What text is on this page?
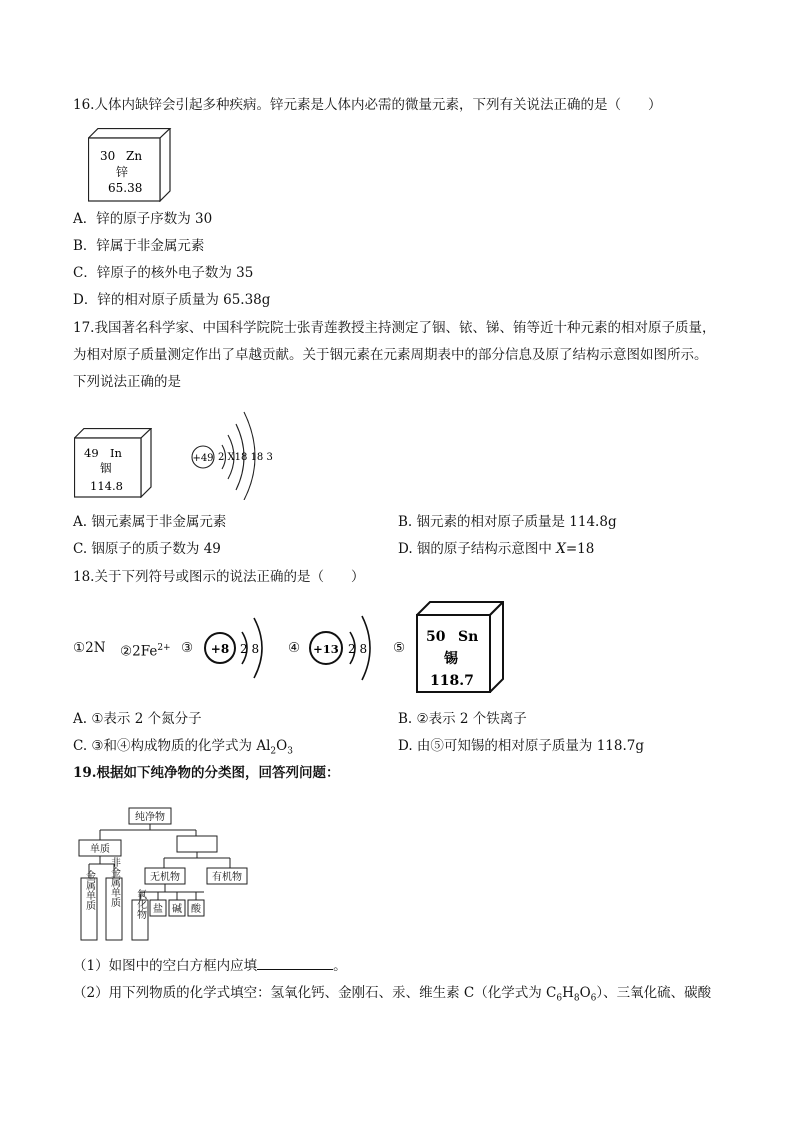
16.人体内缺锌会引起多种疾病。锌元素是人体内必需的微量元素，下列有关说法正确的是（　　）
30 Zn
锌
65.38
A．锌的原子序数为 30
B．锌属于非金属元素
C．锌原子的核外电子数为 35
D．锌的相对原子质量为 65.38g
17.我国著名科学家、中国科学院院士张青莲教授主持测定了铟、铱、锑、铕等近十种元素的相对原子质量，
为相对原子质量测定作出了卓越贡献。关于铟元素在元素周期表中的部分信息及原了结构示意图如图所示。
下列说法正确的是
49 In
铟
114.8
+49 2 X18 18 3
A. 铟元素属于非金属元素	B. 铟元素的相对原子质量是 114.8g
C. 铟原子的质子数为 49	D. 铟的原子结构示意图中 X=18
18.关于下列符号或图示的说法正确的是（　　）
①2N $②2Fe^{2+}$ ③ +8 2 8 ④ +13 2 8 ⑤
50 Sn
锡
118.7
A. ①表示 2 个氮分子	B. ②表示 2 个铁离子
C. ③和④构成物质的化学式为 $Al_2O_3$	D. 由⑤可知锡的相对原子质量为 118.7g
19.根据如下纯净物的分类图，回答列问题：
纯净物
单质
无机物	有机物
盐 碱 酸
金属单质 非金属单质 氧化物
（1）如图中的空白方框内应填	。
（2）用下列物质的化学式填空：氢氧化钙、金刚石、汞、维生素 C（化学式为 $C_6H_8O_6$）、三氧化硫、碳酸
